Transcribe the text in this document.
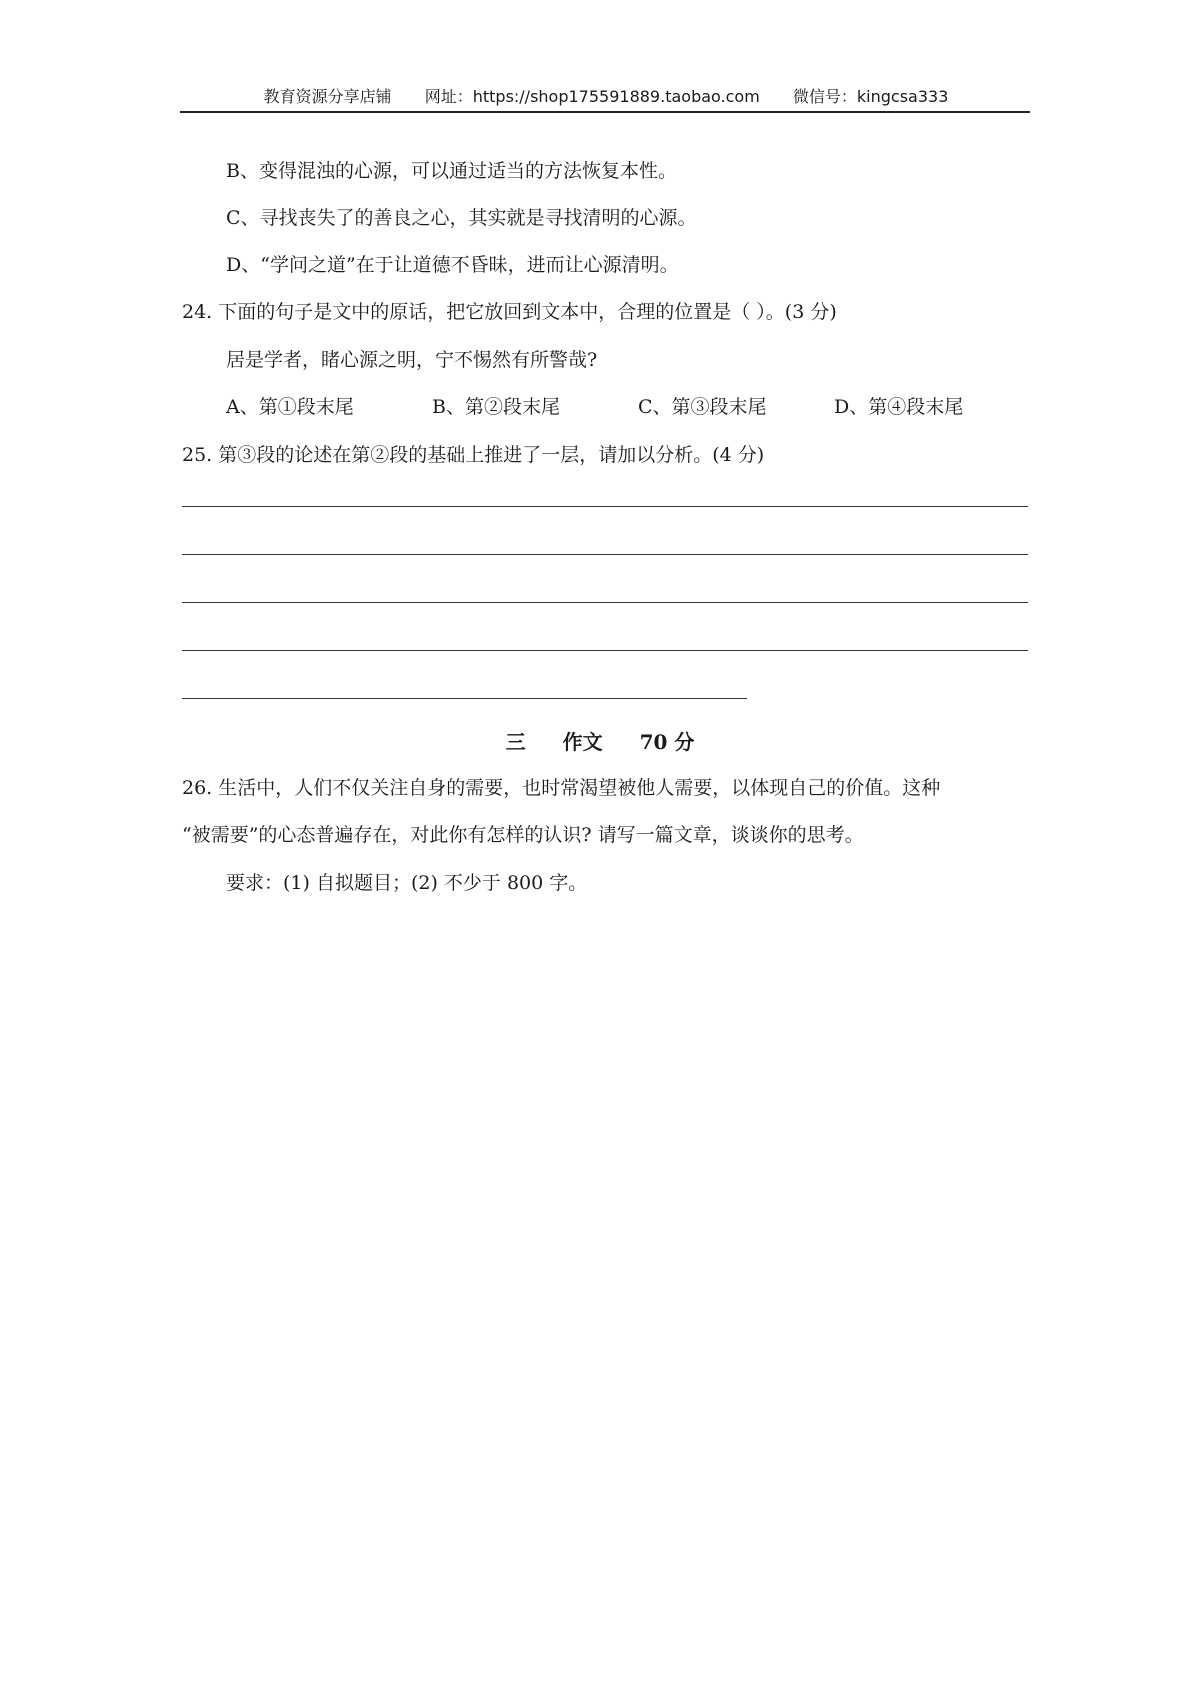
教育资源分享店铺 网址：https://shop175591889.taobao.com 微信号：kingcsa333
B、变得混浊的心源，可以通过适当的方法恢复本性。
C、寻找丧失了的善良之心，其实就是寻找清明的心源。
D、“学问之道”在于让道德不昏昧，进而让心源清明。
24. 下面的句子是文中的原话，把它放回到文本中，合理的位置是（ ）。(3 分)
居是学者，睹心源之明，宁不惕然有所警哉?
A、第①段末尾	B、第②段末尾	C、第③段末尾	D、第④段末尾
25. 第③段的论述在第②段的基础上推进了一层，请加以分析。(4 分)
三 作文 70 分
26. 生活中，人们不仅关注自身的需要，也时常渴望被他人需要，以体现自己的价值。这种
“被需要”的心态普遍存在，对此你有怎样的认识? 请写一篇文章，谈谈你的思考。
要求：(1) 自拟题目；(2) 不少于 800 字。
